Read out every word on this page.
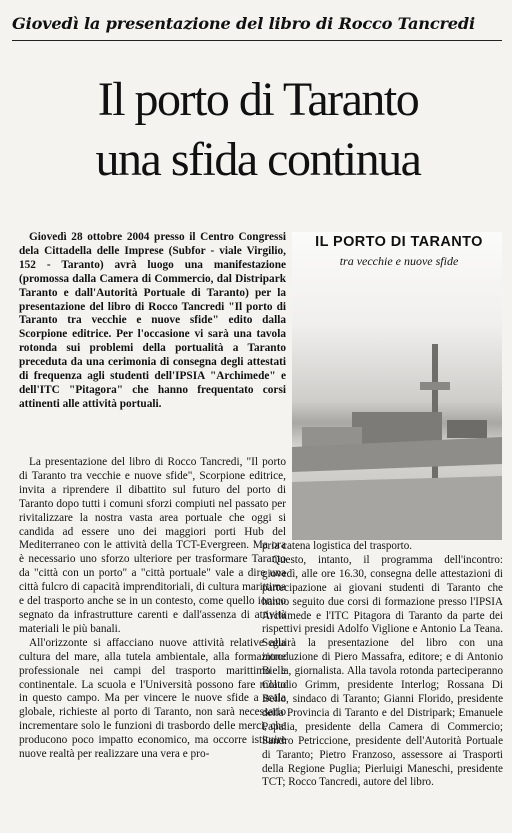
Giovedì la presentazione del libro di Rocco Tancredi
Il porto di Taranto
una sfida continua

Giovedì 28 ottobre 2004 presso il Centro Congressi dela Cittadella delle Imprese (Subfor - viale Virgilio, 152 - Taranto) avrà luogo una manifestazione (promossa dalla Camera di Commercio, dal Distripark Taranto e dall'Autorità Portuale di Taranto) per la presentazione del libro di Rocco Tancredi "Il porto di Taranto tra vecchie e nuove sfide" edito dalla Scorpione editrice. Per l'occasione vi sarà una tavola rotonda sui problemi della portualità a Taranto preceduta da una cerimonia di consegna degli attestati di frequenza agli studenti dell'IPSIA "Archimede" e dell'ITC "Pitagora" che hanno frequentato corsi attinenti alle attività portuali.

La presentazione del libro di Rocco Tancredi, "Il porto di Taranto tra vecchie e nuove sfide", Scorpione editrice, invita a riprendere il dibattito sul futuro del porto di Taranto dopo tutti i comuni sforzi compiuti nel passato per rivitalizzare la nostra vasta area portuale che oggi si candida ad essere uno dei maggiori porti Hub del Mediterraneo con le attività della TCT-Evergreen. Ma ora è necessario uno sforzo ulteriore per trasformare Taranto da "città con un porto" a "città portuale" vale a dire una città fulcro di capacità imprenditoriali, di cultura marittima e del trasporto anche se in un contesto, come quello ionico segnato da infrastrutture carenti e dall'assenza di attività materiali le più banali.

All'orizzonte si affacciano nuove attività relative alla cultura del mare, alla tutela ambientale, alla formazione professionale nei campi del trasporto marittimo e continentale. La scuola e l'Università possono fare molto in questo campo. Ma per vincere le nuove sfide a scala globale, richieste al porto di Taranto, non sarà necessario incrementare solo le funzioni di trasbordo delle merci, che producono poco impatto economico, ma occorre istituire nuove realtà per realizzare una vera e pro-

pria catena logistica del trasporto.

Questo, intanto, il programma dell'incontro: giovedì, alle ore 16.30, consegna delle attestazioni di partecipazione ai giovani studenti di Taranto che hanno seguito due corsi di formazione presso l'IPSIA Archimede e l'ITC Pitagora di Taranto da parte dei rispettivi presidi Adolfo Viglione e Antonio La Teana. Seguirà la presentazione del libro con una introduzione di Piero Massafra, editore; e di Antonio Biella, giornalista. Alla tavola rotonda parteciperanno Claudio Grimm, presidente Interlog; Rossana Di Bello, sindaco di Taranto; Gianni Florido, presidente della Provincia di Taranto e del Distripark; Emanuele Papalia, presidente della Camera di Commercio; Sandro Petriccione, presidente dell'Autorità Portuale di Taranto; Pietro Franzoso, assessore ai Trasporti della Regione Puglia; Pierluigi Maneschi, presidente TCT; Rocco Tancredi, autore del libro.

IL PORTO DI TARANTO
tra vecchie e nuove sfide
